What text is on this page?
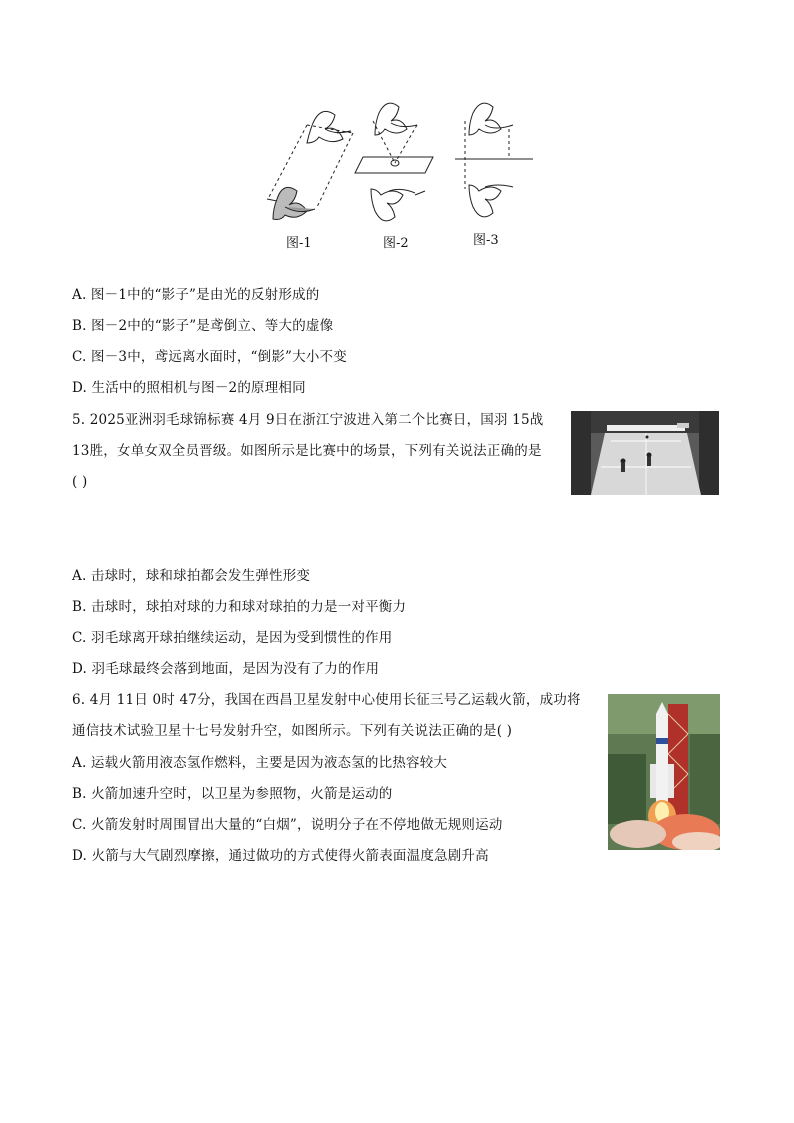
图-1	图-2	图-3
A. 图－1中的“影子”是由光的反射形成的
B. 图－2中的“影子”是鸢倒立、等大的虚像
C. 图－3中，鸢远离水面时，“倒影”大小不变
D. 生活中的照相机与图－2的原理相同
5. 2025亚洲羽毛球锦标赛 4月 9日在浙江宁波进入第二个比赛日，国羽 15战
13胜，女单女双全员晋级。如图所示是比赛中的场景，下列有关说法正确的是
( )
A. 击球时，球和球拍都会发生弹性形变
B. 击球时，球拍对球的力和球对球拍的力是一对平衡力
C. 羽毛球离开球拍继续运动，是因为受到惯性的作用
D. 羽毛球最终会落到地面，是因为没有了力的作用
6. 4月 11日 0时 47分，我国在西昌卫星发射中心使用长征三号乙运载火箭，成功将
通信技术试验卫星十七号发射升空，如图所示。下列有关说法正确的是( )
A. 运载火箭用液态氢作燃料，主要是因为液态氢的比热容较大
B. 火箭加速升空时，以卫星为参照物，火箭是运动的
C. 火箭发射时周围冒出大量的“白烟”，说明分子在不停地做无规则运动
D. 火箭与大气剧烈摩擦，通过做功的方式使得火箭表面温度急剧升高
